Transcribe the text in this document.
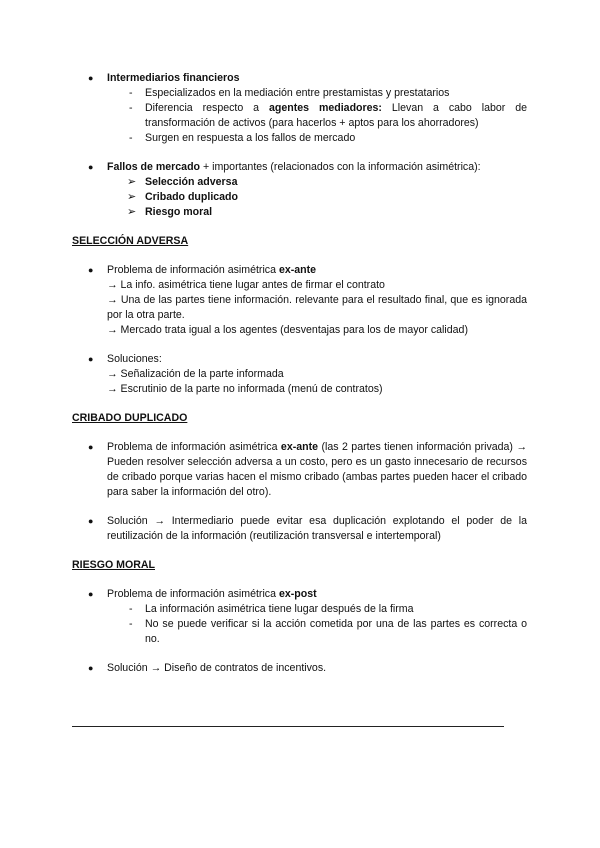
●	Intermediarios financieros
-	Especializados en la mediación entre prestamistas y prestatarios
-	Diferencia respecto a agentes mediadores: Llevan a cabo labor de transformación de activos (para hacerlos + aptos para los ahorradores)
-	Surgen en respuesta a los fallos de mercado
●	Fallos de mercado + importantes (relacionados con la información asimétrica):
➢ Selección adversa
➢ Cribado duplicado
➢ Riesgo moral
SELECCIÓN ADVERSA
●	Problema de información asimétrica ex-ante
→ La info. asimétrica tiene lugar antes de firmar el contrato
→ Una de las partes tiene información. relevante para el resultado final, que es ignorada por la otra parte.
→ Mercado trata igual a los agentes (desventajas para los de mayor calidad)
●	Soluciones:
→ Señalización de la parte informada
→ Escrutinio de la parte no informada (menú de contratos)
CRIBADO DUPLICADO
●	Problema de información asimétrica ex-ante (las 2 partes tienen información privada) → Pueden resolver selección adversa a un costo, pero es un gasto innecesario de recursos de cribado porque varias hacen el mismo cribado (ambas partes pueden hacer el cribado para saber la información del otro).
●	Solución → Intermediario puede evitar esa duplicación explotando el poder de la reutilización de la información (reutilización transversal e intertemporal)
RIESGO MORAL
●	Problema de información asimétrica ex-post
-	La información asimétrica tiene lugar después de la firma
-	No se puede verificar si la acción cometida por una de las partes es correcta o no.
●	Solución → Diseño de contratos de incentivos.
